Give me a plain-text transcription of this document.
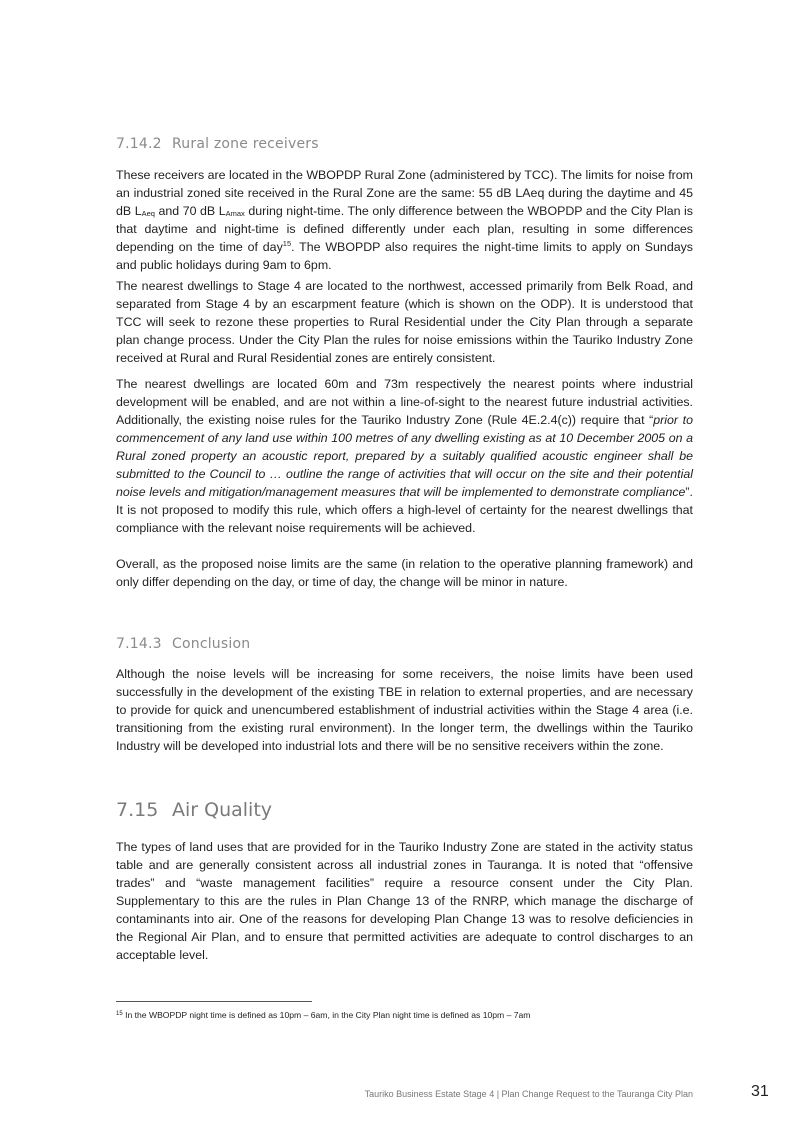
7.14.2 Rural zone receivers

These receivers are located in the WBOPDP Rural Zone (administered by TCC). The limits for noise from an industrial zoned site received in the Rural Zone are the same: 55 dB LAeq during the daytime and 45 dB $L_{Aeq}$ and 70 dB $L_{Amax}$ during night-time. The only difference between the WBOPDP and the City Plan is that daytime and night-time is defined differently under each plan, resulting in some differences depending on the time of day$^{15}$. The WBOPDP also requires the night-time limits to apply on Sundays and public holidays during 9am to 6pm.

The nearest dwellings to Stage 4 are located to the northwest, accessed primarily from Belk Road, and separated from Stage 4 by an escarpment feature (which is shown on the ODP). It is understood that TCC will seek to rezone these properties to Rural Residential under the City Plan through a separate plan change process. Under the City Plan the rules for noise emissions within the Tauriko Industry Zone received at Rural and Rural Residential zones are entirely consistent.

The nearest dwellings are located 60m and 73m respectively the nearest points where industrial development will be enabled, and are not within a line-of-sight to the nearest future industrial activities. Additionally, the existing noise rules for the Tauriko Industry Zone (Rule 4E.2.4(c)) require that “prior to commencement of any land use within 100 metres of any dwelling existing as at 10 December 2005 on a Rural zoned property an acoustic report, prepared by a suitably qualified acoustic engineer shall be submitted to the Council to … outline the range of activities that will occur on the site and their potential noise levels and mitigation/management measures that will be implemented to demonstrate compliance”. It is not proposed to modify this rule, which offers a high-level of certainty for the nearest dwellings that compliance with the relevant noise requirements will be achieved.

Overall, as the proposed noise limits are the same (in relation to the operative planning framework) and only differ depending on the day, or time of day, the change will be minor in nature.

7.14.3 Conclusion

Although the noise levels will be increasing for some receivers, the noise limits have been used successfully in the development of the existing TBE in relation to external properties, and are necessary to provide for quick and unencumbered establishment of industrial activities within the Stage 4 area (i.e. transitioning from the existing rural environment). In the longer term, the dwellings within the Tauriko Industry will be developed into industrial lots and there will be no sensitive receivers within the zone.

7.15 Air Quality

The types of land uses that are provided for in the Tauriko Industry Zone are stated in the activity status table and are generally consistent across all industrial zones in Tauranga. It is noted that “offensive trades” and “waste management facilities” require a resource consent under the City Plan. Supplementary to this are the rules in Plan Change 13 of the RNRP, which manage the discharge of contaminants into air. One of the reasons for developing Plan Change 13 was to resolve deficiencies in the Regional Air Plan, and to ensure that permitted activities are adequate to control discharges to an acceptable level.

$^{15}$ In the WBOPDP night time is defined as 10pm – 6am, in the City Plan night time is defined as 10pm – 7am
Tauriko Business Estate Stage 4 | Plan Change Request to the Tauranga City Plan	31
